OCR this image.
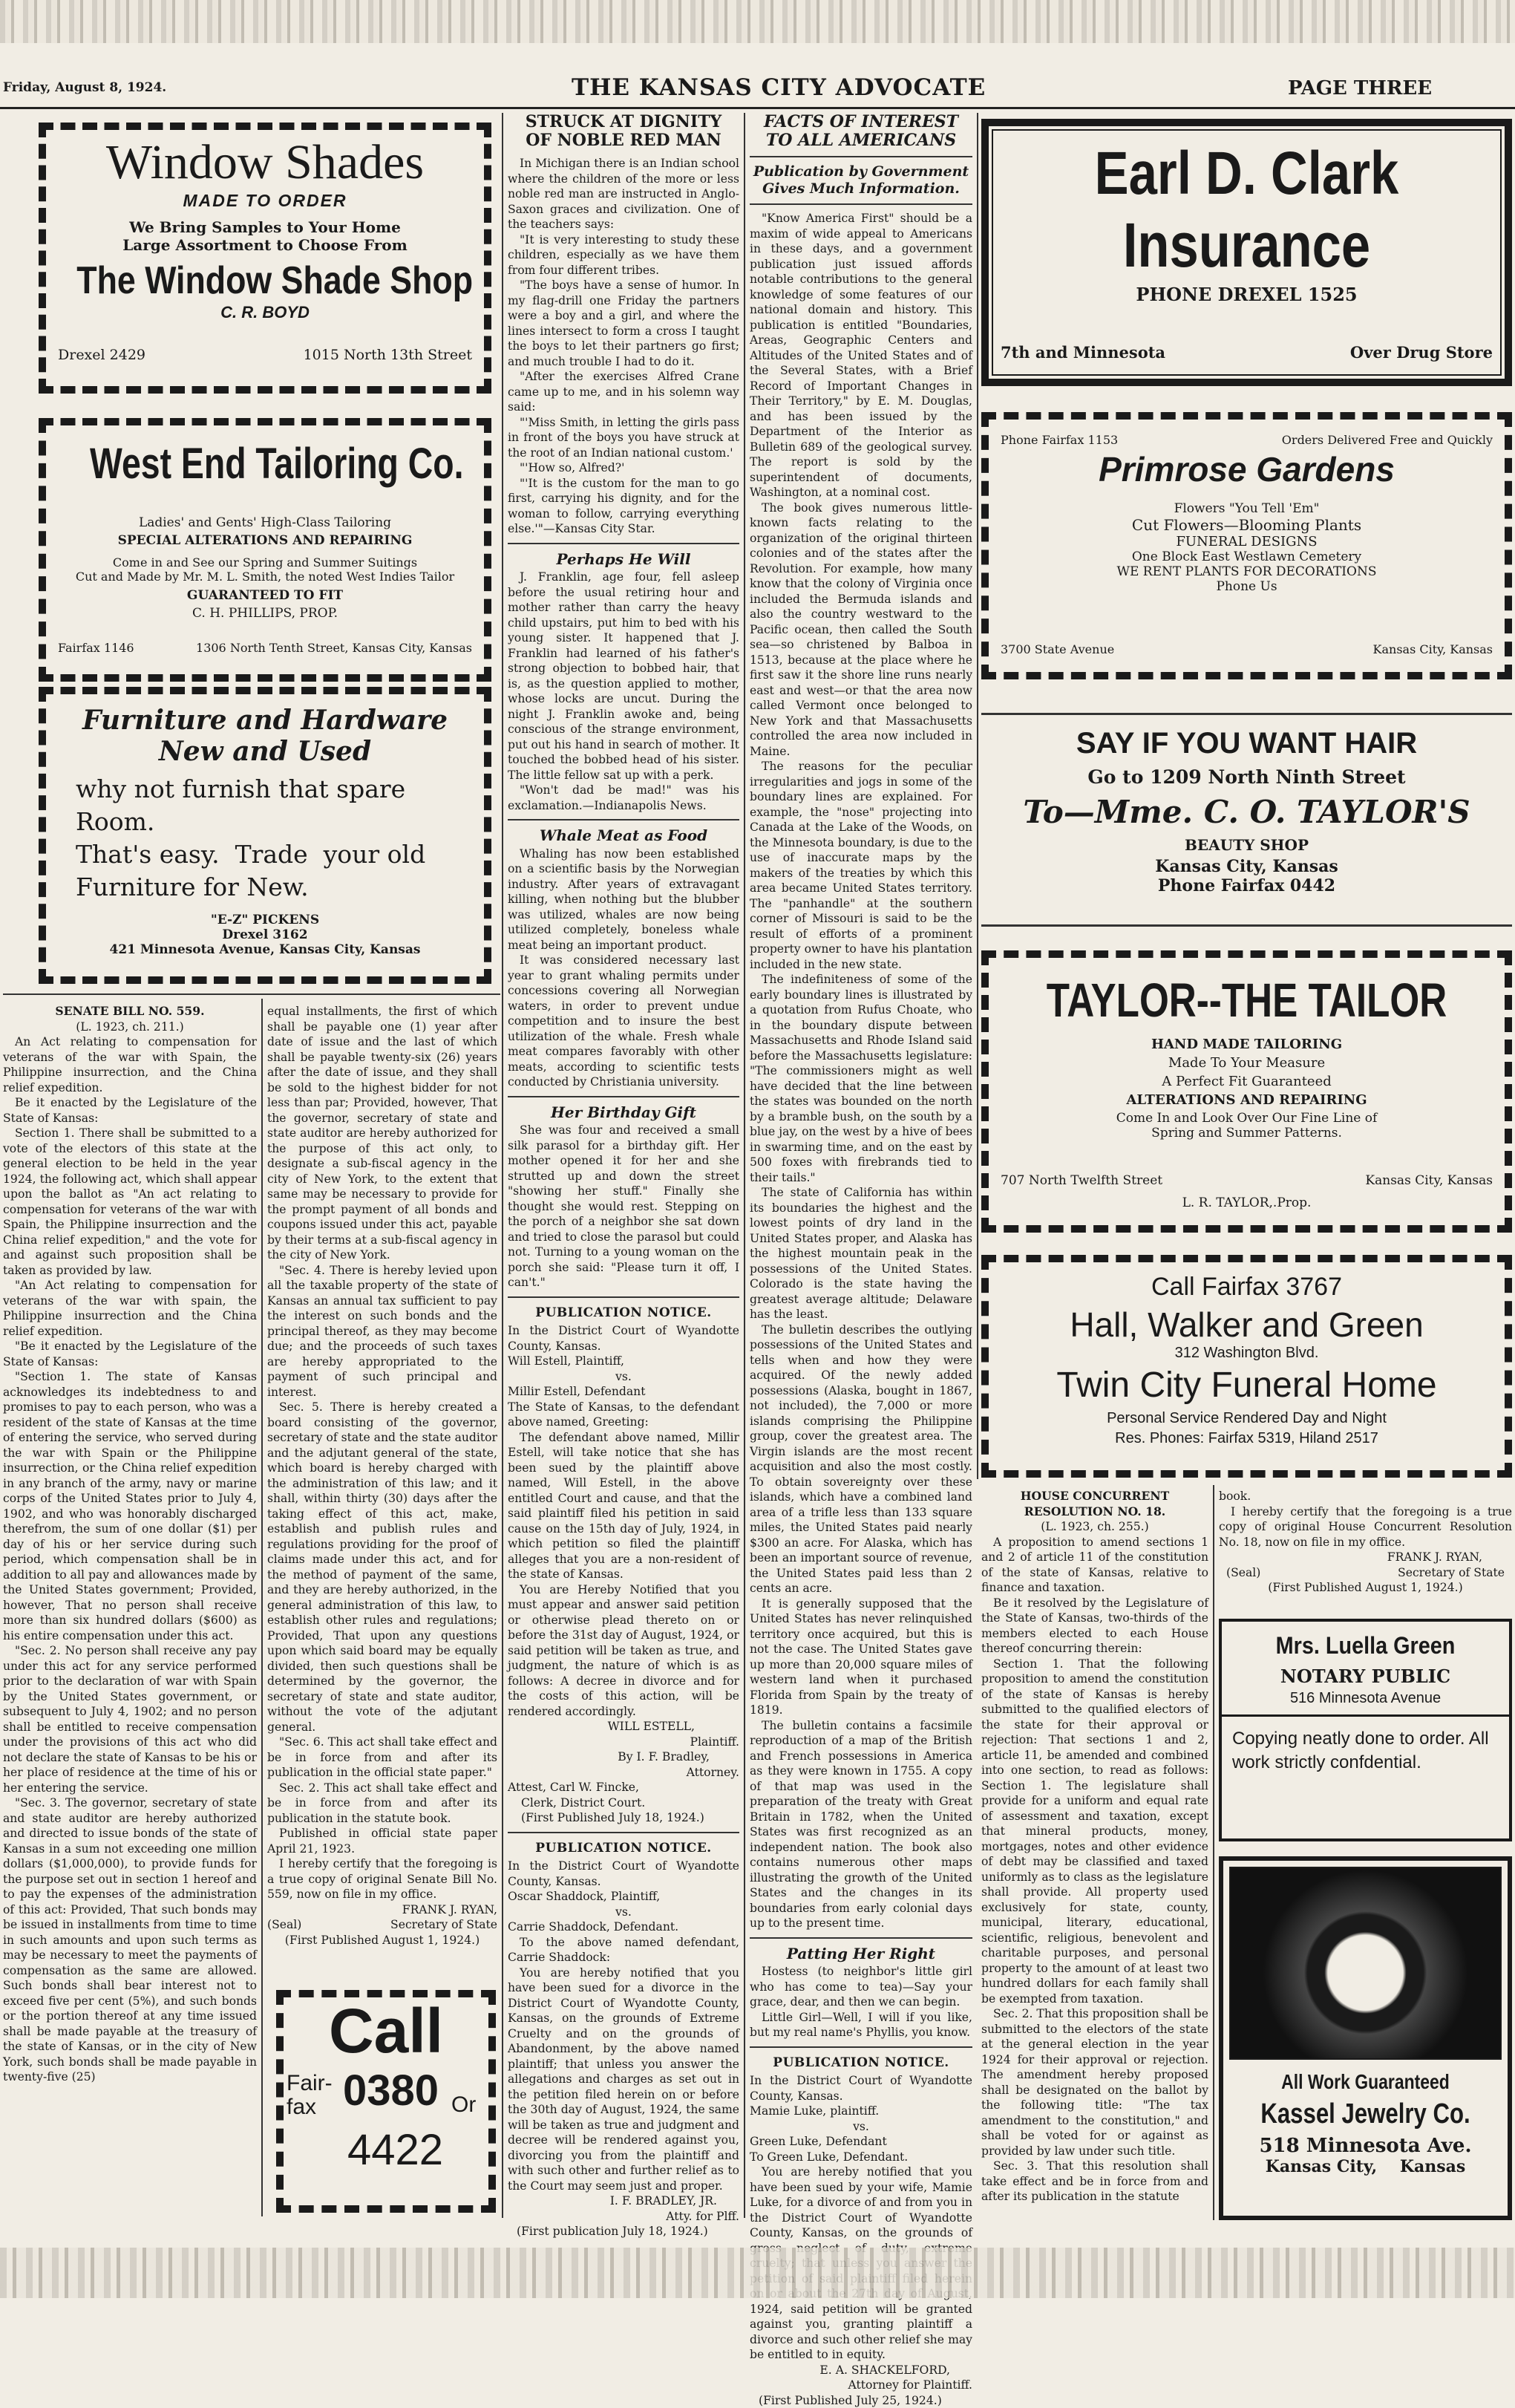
Friday, August 8, 1924.	THE KANSAS CITY ADVOCATE	PAGE THREE
Window Shades
MADE TO ORDER
We Bring Samples to Your Home
Large Assortment to Choose From
The Window Shade Shop
C. R. BOYD
Drexel 2429	1015 North 13th Street
West End Tailoring Co.
Ladies' and Gents' High-Class Tailoring
SPECIAL ALTERATIONS AND REPAIRING
Come in and See our Spring and Summer Suitings
Cut and Made by Mr. M. L. Smith, the noted West Indies Tailor
GUARANTEED TO FIT
C. H. PHILLIPS, PROP.
Fairfax 1146	1306 North Tenth Street, Kansas City, Kansas
Furniture and Hardware
New and Used
why not furnish that spare Room.
That's easy.  Trade  your old
Furniture for New.
"E-Z" PICKENS
Drexel 3162
421 Minnesota Avenue, Kansas City, Kansas
SENATE BILL NO. 559.
(L. 1923, ch. 211.)

An Act relating to compensation for veterans of the war with Spain, the Philippine insurrection, and the China relief expedition.

Be it enacted by the Legislature of the State of Kansas:

Section 1. There shall be submitted to a vote of the electors of this state at the general election to be held in the year 1924, the following act, which shall appear upon the ballot as "An act relating to compensation for veterans of the war with Spain, the Philippine insurrection and the China relief expedition," and the vote for and against such proposition shall be taken as provided by law.

"An Act relating to compensation for veterans of the war with spain, the Philippine insurrection and the China relief expedition.

"Be it enacted by the Legislature of the State of Kansas:

"Section 1. The state of Kansas acknowledges its indebtedness to and promises to pay to each person, who was a resident of the state of Kansas at the time of entering the service, who served during the war with Spain or the Philippine insurrection, or the China relief expedition in any branch of the army, navy or marine corps of the United States prior to July 4, 1902, and who was honorably discharged therefrom, the sum of one dollar ($1) per day of his or her service during such period, which compensation shall be in addition to all pay and allowances made by the United States government; Provided, however, That no person shall receive more than six hundred dollars ($600) as his entire compensation under this act.

"Sec. 2. No person shall receive any pay under this act for any service performed prior to the declaration of war with Spain by the United States government, or subsequent to July 4, 1902; and no person shall be entitled to receive compensation under the provisions of this act who did not declare the state of Kansas to be his or her place of residence at the time of his or her entering the service.

"Sec. 3. The governor, secretary of state and state auditor are hereby authorized and directed to issue bonds of the state of Kansas in a sum not exceeding one million dollars ($1,000,000), to provide funds for the purpose set out in section 1 hereof and to pay the expenses of the administration of this act: Provided, That such bonds may be issued in installments from time to time in such amounts and upon such terms as may be necessary to meet the payments of compensation as the same are allowed. Such bonds shall bear interest not to exceed five per cent (5%), and such bonds or the portion thereof at any time issued shall be made payable at the treasury of the state of Kansas, or in the city of New York, such bonds shall be made payable in twenty-five (25)

equal installments, the first of which shall be payable one (1) year after date of issue and the last of which shall be payable twenty-six (26) years after the date of issue, and they shall be sold to the highest bidder for not less than par; Provided, however, That the governor, secretary of state and state auditor are hereby authorized for the purpose of this act only, to designate a sub-fiscal agency in the city of New York, to the extent that same may be necessary to provide for the prompt payment of all bonds and coupons issued under this act, payable by their terms at a sub-fiscal agency in the city of New York.

"Sec. 4. There is hereby levied upon all the taxable property of the state of Kansas an annual tax sufficient to pay the interest on such bonds and the principal thereof, as they may become due; and the proceeds of such taxes are hereby appropriated to the payment of such principal and interest.

Sec. 5. There is hereby created a board consisting of the governor, secretary of state and the state auditor and the adjutant general of the state, which board is hereby charged with the administration of this law; and it shall, within thirty (30) days after the taking effect of this act, make, establish and publish rules and regulations providing for the proof of claims made under this act, and for the method of payment of the same, and they are hereby authorized, in the general administration of this law, to establish other rules and regulations; Provided, That upon any questions upon which said board may be equally divided, then such questions shall be determined by the governor, the secretary of state and state auditor, without the vote of the adjutant general.

"Sec. 6. This act shall take effect and be in force from and after its publication in the official state paper."

Sec. 2. This act shall take effect and be in force from and after its publication in the statute book.

Published in official state paper April 21, 1923.

I hereby certify that the foregoing is a true copy of original Senate Bill No. 559, now on file in my office.

FRANK J. RYAN,

(Seal)	Secretary of State

(First Published August 1, 1924.)

Call
Fair-
fax 0380 Or
4422
STRUCK AT DIGNITY
OF NOBLE RED MAN

In Michigan there is an Indian school where the children of the more or less noble red man are instructed in Anglo-Saxon graces and civilization. One of the teachers says:

"It is very interesting to study these children, especially as we have them from four different tribes.

"The boys have a sense of humor. In my flag-drill one Friday the partners were a boy and a girl, and where the lines intersect to form a cross I taught the boys to let their partners go first; and much trouble I had to do it.

"After the exercises Alfred Crane came up to me, and in his solemn way said:

"'Miss Smith, in letting the girls pass in front of the boys you have struck at the root of an Indian national custom.'

"'How so, Alfred?'

"'It is the custom for the man to go first, carrying his dignity, and for the woman to follow, carrying everything else.'"—Kansas City Star.

Perhaps He Will

J. Franklin, age four, fell asleep before the usual retiring hour and mother rather than carry the heavy child upstairs, put him to bed with his young sister. It happened that J. Franklin had learned of his father's strong objection to bobbed hair, that is, as the question applied to mother, whose locks are uncut. During the night J. Franklin awoke and, being conscious of the strange environment, put out his hand in search of mother. It touched the bobbed head of his sister. The little fellow sat up with a perk.

"Won't dad be mad!" was his exclamation.—Indianapolis News.

Whale Meat as Food

Whaling has now been established on a scientific basis by the Norwegian industry. After years of extravagant killing, when nothing but the blubber was utilized, whales are now being utilized completely, boneless whale meat being an important product.

It was considered necessary last year to grant whaling permits under concessions covering all Norwegian waters, in order to prevent undue competition and to insure the best utilization of the whale. Fresh whale meat compares favorably with other meats, according to scientific tests conducted by Christiania university.

Her Birthday Gift

She was four and received a small silk parasol for a birthday gift. Her mother opened it for her and she strutted up and down the street "showing her stuff." Finally she thought she would rest. Stepping on the porch of a neighbor she sat down and tried to close the parasol but could not. Turning to a young woman on the porch she said: "Please turn it off, I can't."

PUBLICATION NOTICE.

In the District Court of Wyandotte County, Kansas.

Will Estell, Plaintiff,

vs.

Millir Estell, Defendant

The State of Kansas, to the defendant above named, Greeting:

The defendant above named, Millir Estell, will take notice that she has been sued by the plaintiff above named, Will Estell, in the above entitled Court and cause, and that the said plaintiff filed his petition in said cause on the 15th day of July, 1924, in which petition so filed the plaintiff alleges that you are a non-resident of the state of Kansas.

You are Hereby Notified that you must appear and answer said petition or otherwise plead thereto on or before the 31st day of August, 1924, or said petition will be taken as true, and judgment, the nature of which is as follows: A decree in divorce and for the costs of this action, will be rendered accordingly.

WILL ESTELL,

Plaintiff.

By I. F. Bradley,

Attorney.

Attest, Carl W. Fincke,

Clerk, District Court.

(First Published July 18, 1924.)

PUBLICATION NOTICE.

In the District Court of Wyandotte County, Kansas.

Oscar Shaddock, Plaintiff,

vs.

Carrie Shaddock, Defendant.

To the above named defendant, Carrie Shaddock:

You are hereby notified that you have been sued for a divorce in the District Court of Wyandotte County, Kansas, on the grounds of Extreme Cruelty and on the grounds of Abandonment, by the above named plaintiff; that unless you answer the allegations and charges as set out in the petition filed herein on or before the 30th day of August, 1924, the same will be taken as true and judgment and decree will be rendered against you, divorcing you from the plaintiff and with such other and further relief as to the Court may seem just and proper.

I. F. BRADLEY, JR.

Atty. for Plff.

(First publication July 18, 1924.)

FACTS OF INTEREST
TO ALL AMERICANS
Publication by Government Gives Much Information.

"Know America First" should be a maxim of wide appeal to Americans in these days, and a government publication just issued affords notable contributions to the general knowledge of some features of our national domain and history. This publication is entitled "Boundaries, Areas, Geographic Centers and Altitudes of the United States and of the Several States, with a Brief Record of Important Changes in Their Territory," by E. M. Douglas, and has been issued by the Department of the Interior as Bulletin 689 of the geological survey. The report is sold by the superintendent of documents, Washington, at a nominal cost.

The book gives numerous little-known facts relating to the organization of the original thirteen colonies and of the states after the Revolution. For example, how many know that the colony of Virginia once included the Bermuda islands and also the country westward to the Pacific ocean, then called the South sea—so christened by Balboa in 1513, because at the place where he first saw it the shore line runs nearly east and west—or that the area now called Vermont once belonged to New York and that Massachusetts controlled the area now included in Maine.

The reasons for the peculiar irregularities and jogs in some of the boundary lines are explained. For example, the "nose" projecting into Canada at the Lake of the Woods, on the Minnesota boundary, is due to the use of inaccurate maps by the makers of the treaties by which this area became United States territory. The "panhandle" at the southern corner of Missouri is said to be the result of efforts of a prominent property owner to have his plantation included in the new state.

The indefiniteness of some of the early boundary lines is illustrated by a quotation from Rufus Choate, who in the boundary dispute between Massachusetts and Rhode Island said before the Massachusetts legislature: "The commissioners might as well have decided that the line between the states was bounded on the north by a bramble bush, on the south by a blue jay, on the west by a hive of bees in swarming time, and on the east by 500 foxes with firebrands tied to their tails."

The state of California has within its boundaries the highest and the lowest points of dry land in the United States proper, and Alaska has the highest mountain peak in the possessions of the United States. Colorado is the state having the greatest average altitude; Delaware has the least.

The bulletin describes the outlying possessions of the United States and tells when and how they were acquired. Of the newly added possessions (Alaska, bought in 1867, not included), the 7,000 or more islands comprising the Philippine group, cover the greatest area. The Virgin islands are the most recent acquisition and also the most costly. To obtain sovereignty over these islands, which have a combined land area of a trifle less than 133 square miles, the United States paid nearly $300 an acre. For Alaska, which has been an important source of revenue, the United States paid less than 2 cents an acre.

It is generally supposed that the United States has never relinquished territory once acquired, but this is not the case. The United States gave up more than 20,000 square miles of western land when it purchased Florida from Spain by the treaty of 1819.

The bulletin contains a facsimile reproduction of a map of the British and French possessions in America as they were known in 1755. A copy of that map was used in the preparation of the treaty with Great Britain in 1782, when the United States was first recognized as an independent nation. The book also contains numerous other maps illustrating the growth of the United States and the changes in its boundaries from early colonial days up to the present time.

Patting Her Right

Hostess (to neighbor's little girl who has come to tea)—Say your grace, dear, and then we can begin.

Little Girl—Well, I will if you like, but my real name's Phyllis, you know.

PUBLICATION NOTICE.

In the District Court of Wyandotte County, Kansas.

Mamie Luke, plaintiff.

vs.

Green Luke, Defendant

To Green Luke, Defendant.

You are hereby notified that you have been sued by your wife, Mamie Luke, for a divorce of and from you in the District Court of Wyandotte County, Kansas, on the grounds of 1924, said petition will be granted against you, granting plaintiff a divorce and such other relief she may be entitled to in equity.

E. A. SHACKELFORD,

Attorney for Plaintiff.

(First Published July 25, 1924.)

Earl D. Clark
Insurance
PHONE DREXEL 1525
7th and Minnesota	Over Drug Store
Phone Fairfax 1153	Orders Delivered Free and Quickly
Primrose Gardens
Flowers "You Tell 'Em"
Cut Flowers—Blooming Plants
FUNERAL DESIGNS
One Block East Westlawn Cemetery
WE RENT PLANTS FOR DECORATIONS
Phone Us
3700 State Avenue	Kansas City, Kansas
SAY IF YOU WANT HAIR
Go to 1209 North Ninth Street
To—Mme. C. O. TAYLOR'S
BEAUTY SHOP
Kansas City, Kansas
Phone Fairfax 0442
TAYLOR--THE TAILOR
HAND MADE TAILORING
Made To Your Measure
A Perfect Fit Guaranteed
ALTERATIONS AND REPAIRING
Come In and Look Over Our Fine Line of
Spring and Summer Patterns.
707 North Twelfth Street	Kansas City, Kansas
L. R. TAYLOR,.Prop.
Call Fairfax 3767
Hall, Walker and Green
312 Washington Blvd.
Twin City Funeral Home
Personal Service Rendered Day and Night
Res. Phones: Fairfax 5319, Hiland 2517
HOUSE CONCURRENT RESOLUTION NO. 18.
(L. 1923, ch. 255.)

A proposition to amend sections 1 and 2 of article 11 of the constitution of the state of Kansas, relative to finance and taxation.

Be it resolved by the Legislature of the State of Kansas, two-thirds of the members elected to each House thereof concurring therein:

Section 1. That the following proposition to amend the constitution of the state of Kansas is hereby submitted to the qualified electors of the state for their approval or rejection: That sections 1 and 2, article 11, be amended and combined into one section, to read as follows: Section 1. The legislature shall provide for a uniform and equal rate of assessment and taxation, except that mineral products, money, mortgages, notes and other evidence of debt may be classified and taxed uniformly as to class as the legislature shall provide. All property used exclusively for state, county, municipal, literary, educational, scientific, religious, benevolent and charitable purposes, and personal property to the amount of at least two hundred dollars for each family shall be exempted from taxation.

Sec. 2. That this proposition shall be submitted to the electors of the state at the general election in the year 1924 for their approval or rejection. The amendment hereby proposed shall be designated on the ballot by the following title: "The tax amendment to the constitution," and shall be voted for or against as provided by law under such title.

Sec. 3. That this resolution shall take effect and be in force from and after its publication in the statute

book.

I hereby certify that the foregoing is a true copy of original House Concurrent Resolution No. 18, now on file in my office.

FRANK J. RYAN,

(Seal)	Secretary of State

(First Published August 1, 1924.)

Mrs. Luella Green
NOTARY PUBLIC
516 Minnesota Avenue
Copying neatly done to order. All work strictly confdential.
All Work Guaranteed
Kassel Jewelry Co.
518 Minnesota Ave.
Kansas City,    Kansas
